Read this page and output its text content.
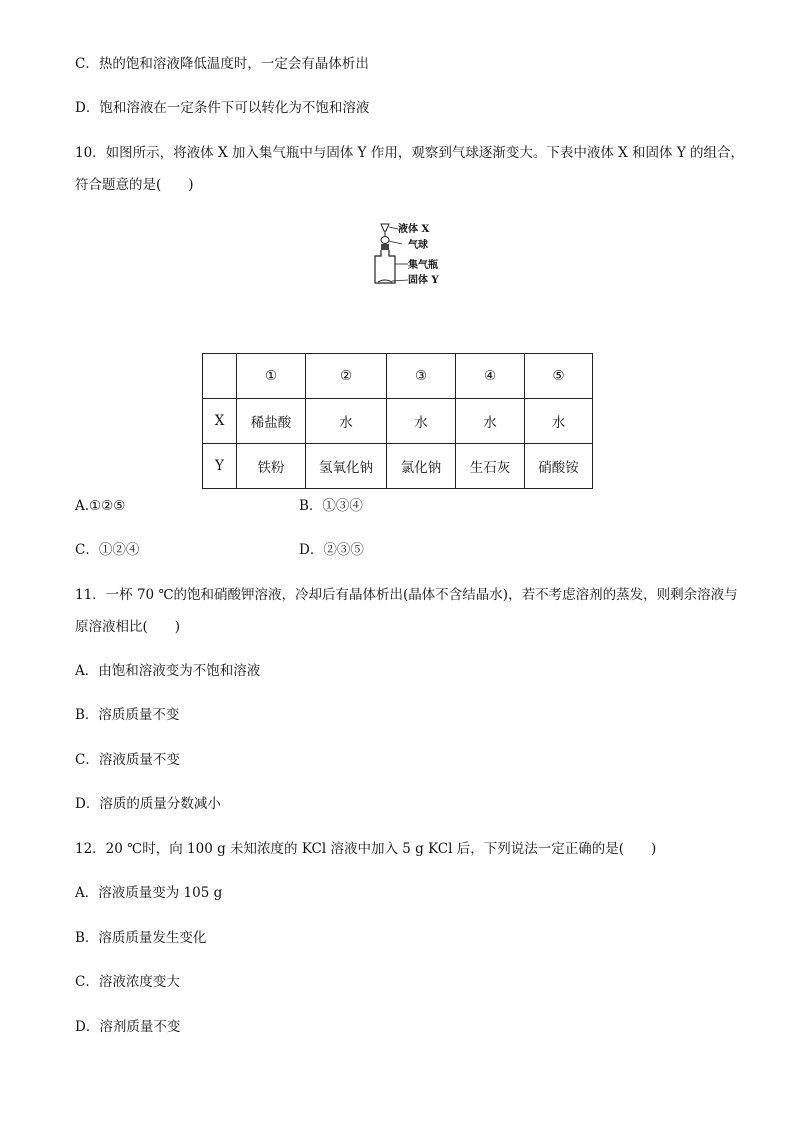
C．热的饱和溶液降低温度时，一定会有晶体析出
D．饱和溶液在一定条件下可以转化为不饱和溶液
10．如图所示，将液体 X 加入集气瓶中与固体 Y 作用，观察到气球逐渐变大。下表中液体 X 和固体 Y 的组合，
符合题意的是(　　)
液体 X
气球
集气瓶
固体 Y
	①	②	③	④	⑤
X	稀盐酸	水	水	水	水
Y	铁粉	氢氧化钠	氯化钠	生石灰	硝酸铵
A.①②⑤	B．①③④
C．①②④	D．②③⑤
11．一杯 70 ℃的饱和硝酸钾溶液，冷却后有晶体析出(晶体不含结晶水)，若不考虑溶剂的蒸发，则剩余溶液与
原溶液相比(　　)
A．由饱和溶液变为不饱和溶液
B．溶质质量不变
C．溶液质量不变
D．溶质的质量分数减小
12．20 ℃时，向 100 g 未知浓度的 KCl 溶液中加入 5 g KCl 后，下列说法一定正确的是(　　)
A．溶液质量变为 105 g
B．溶质质量发生变化
C．溶液浓度变大
D．溶剂质量不变
